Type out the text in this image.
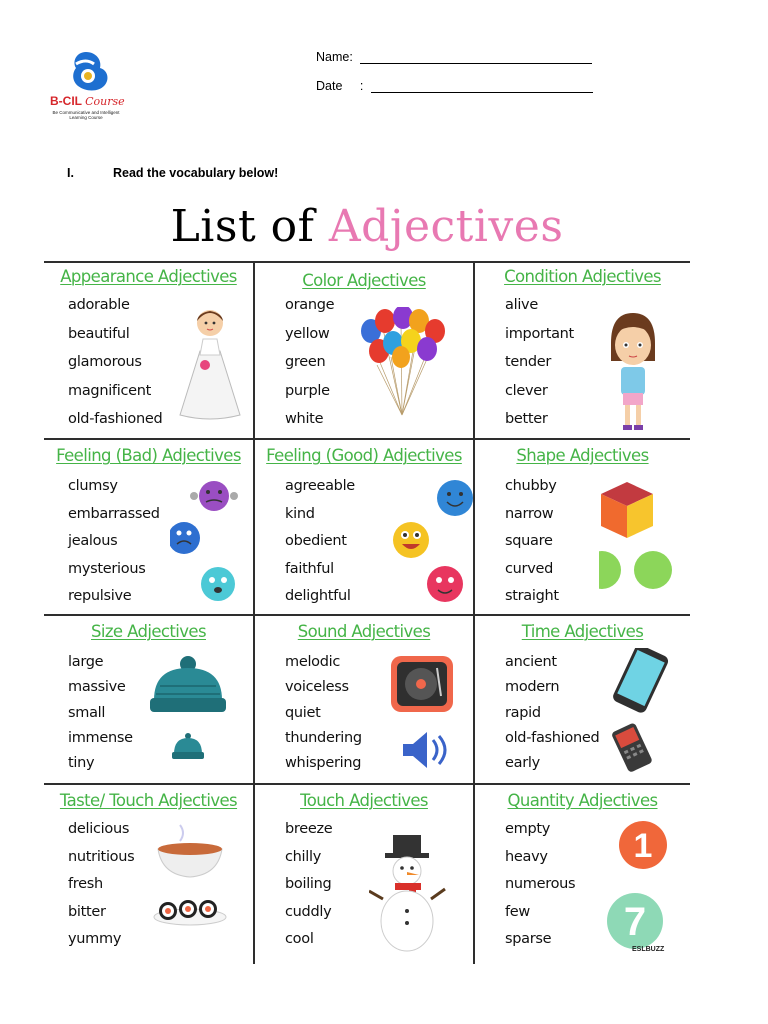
B-CIL Course
Be Communicative and Intelligent Learning Course
Name:
Date :
I.	Read the vocabulary below!
List of Adjectives
Appearance Adjectives
adorable
beautiful
glamorous
magnificent
old-fashioned
Color Adjectives
orange
yellow
green
purple
white
Condition Adjectives
alive
important
tender
clever
better
Feeling (Bad) Adjectives
clumsy
embarrassed
jealous
mysterious
repulsive
Feeling (Good) Adjectives
agreeable
kind
obedient
faithful
delightful
Shape Adjectives
chubby
narrow
square
curved
straight
Size Adjectives
large
massive
small
immense
tiny
Sound Adjectives
melodic
voiceless
quiet
thundering
whispering
Time Adjectives
ancient
modern
rapid
old-fashioned
early
Taste/ Touch Adjectives
delicious
nutritious
fresh
bitter
yummy
Touch Adjectives
breeze
chilly
boiling
cuddly
cool
Quantity Adjectives
empty
heavy
numerous
few
sparse
1
7
ESLBUZZ
